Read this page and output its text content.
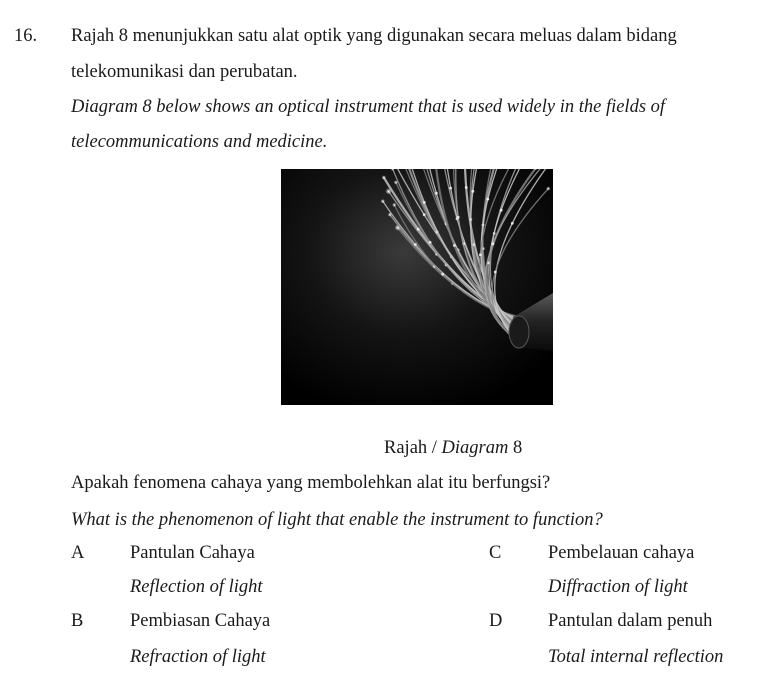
16. Rajah 8 menunjukkan satu alat optik yang digunakan secara meluas dalam bidang
telekomunikasi dan perubatan.
Diagram 8 below shows an optical instrument that is used widely in the fields of
telecommunications and medicine.
Rajah / Diagram 8
Apakah fenomena cahaya yang membolehkan alat itu berfungsi?
What is the phenomenon of light that enable the instrument to function?
A Pantulan Cahaya
Reflection of light
B	Pembiasan Cahaya
Refraction of light
C	Pembelauan cahaya
Diffraction of light
D Pantulan dalam penuh
Total internal reflection
